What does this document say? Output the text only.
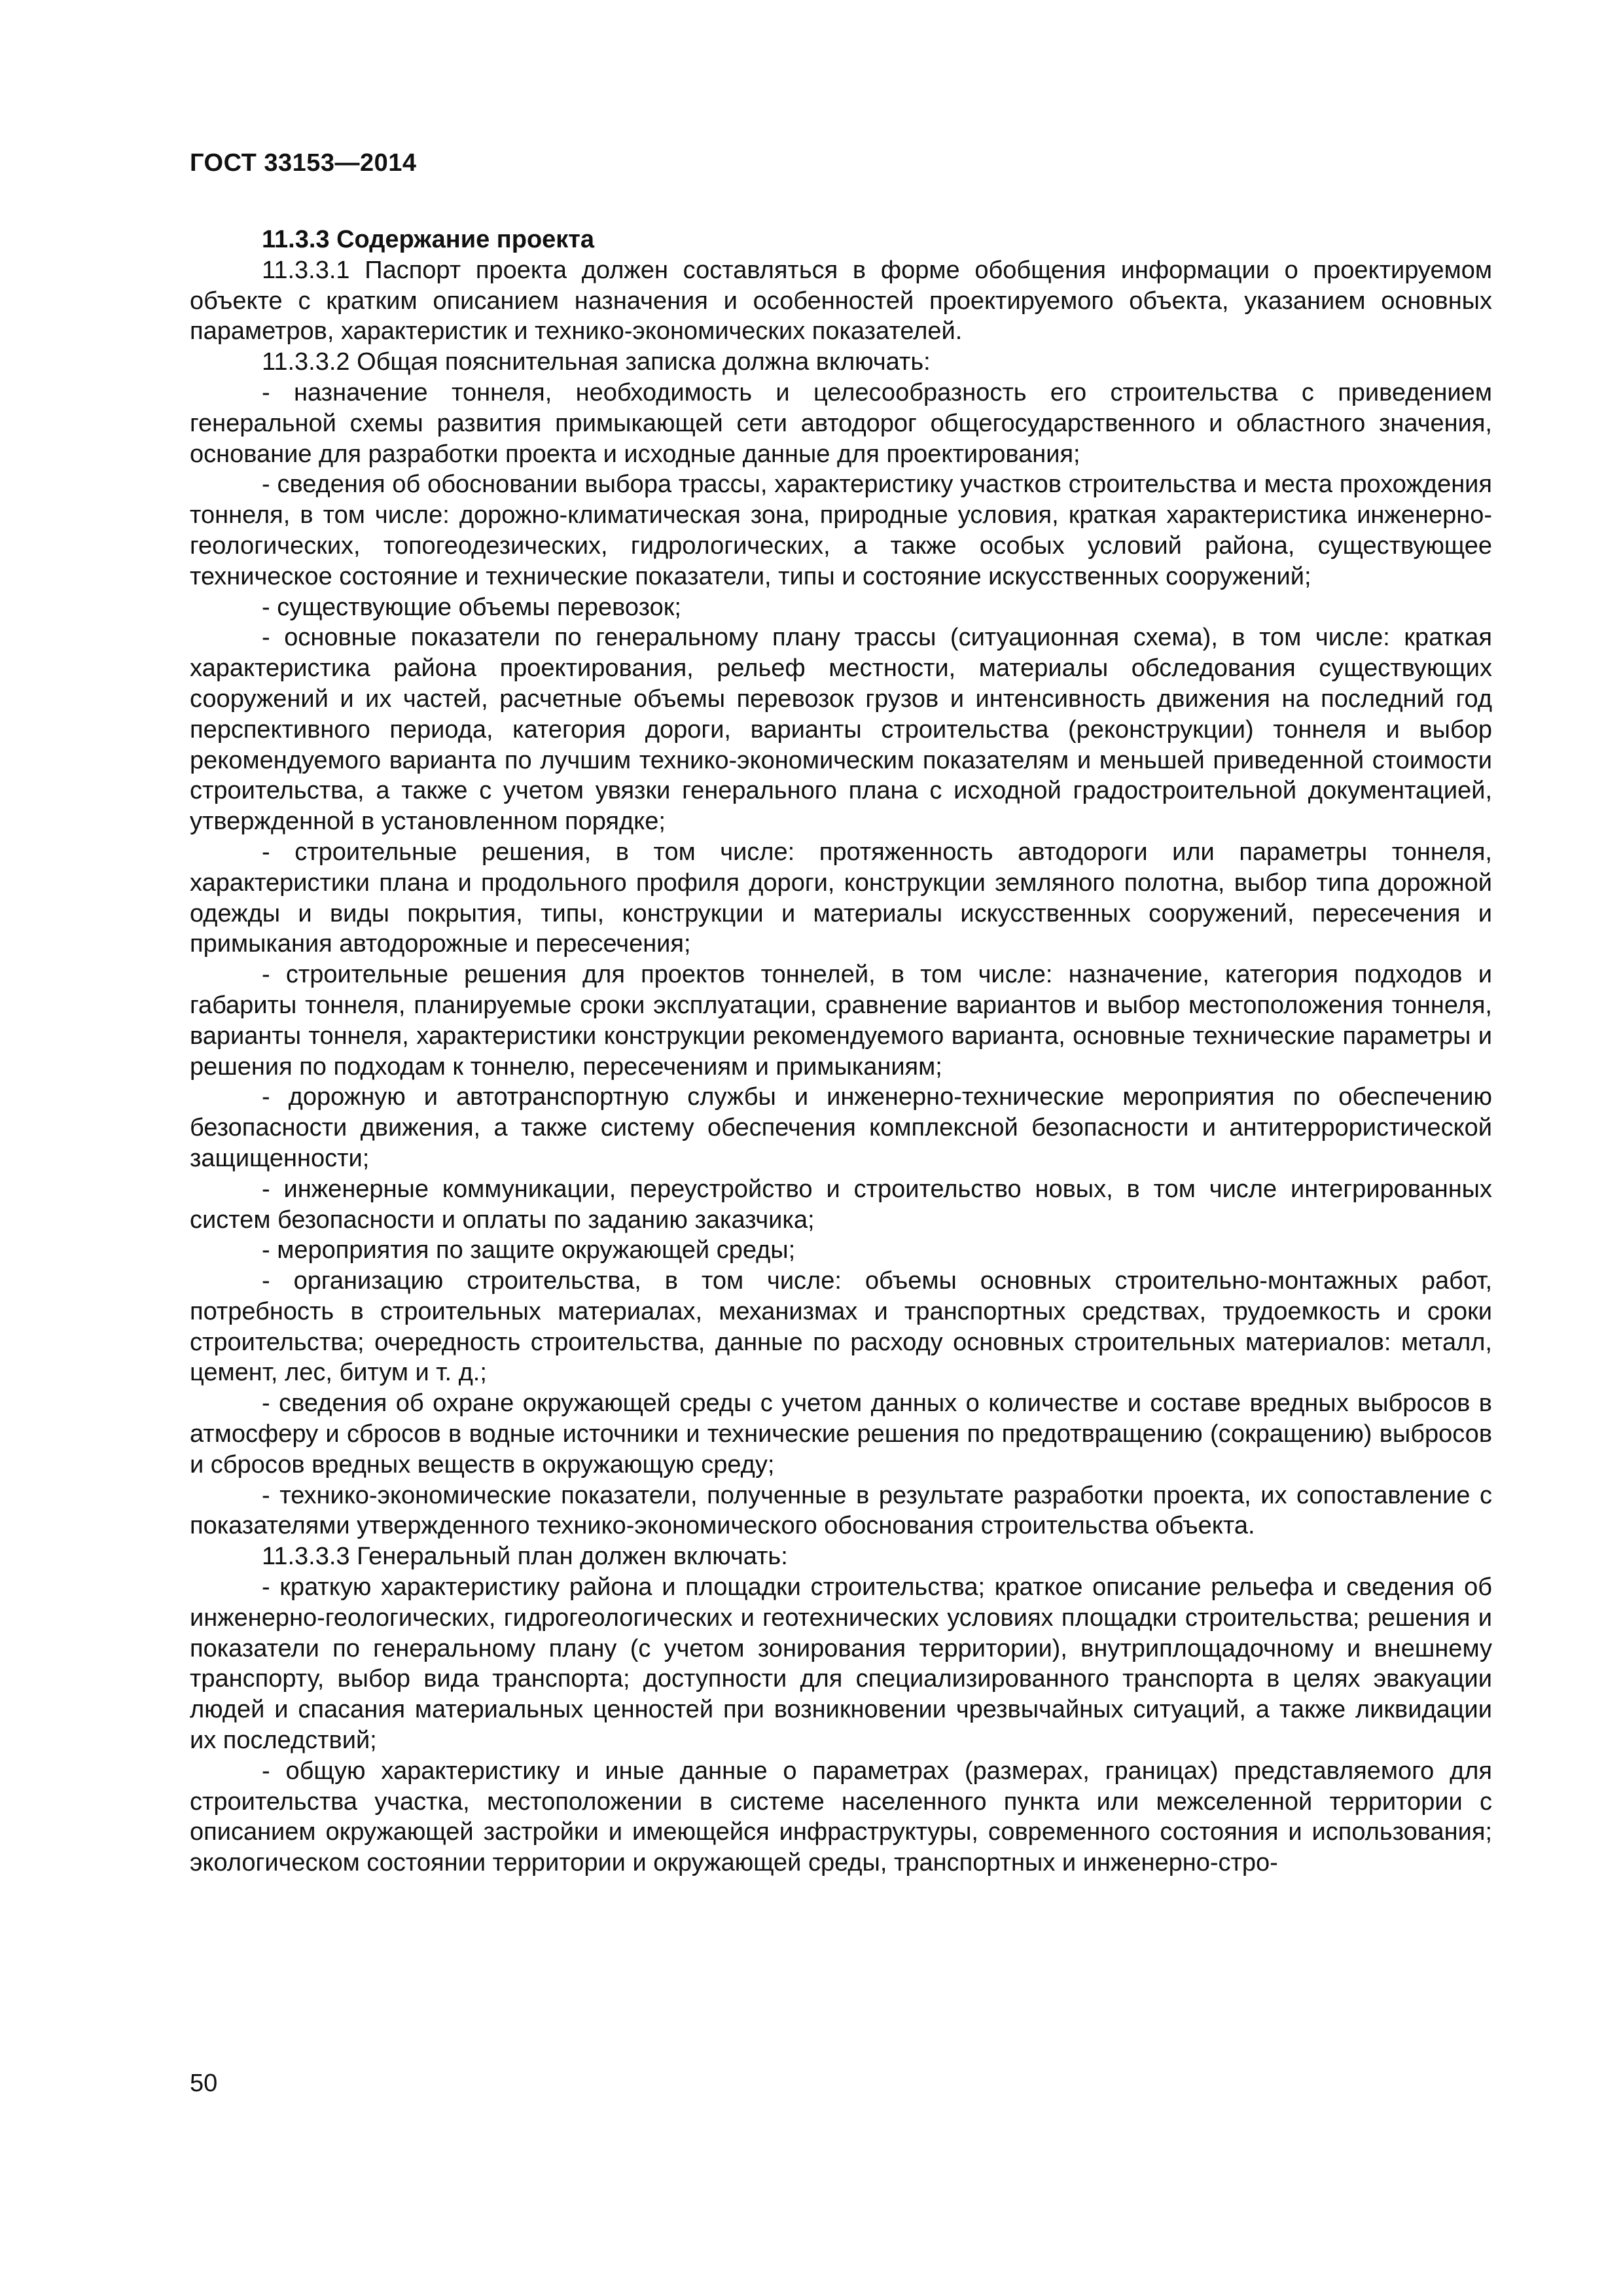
ГОСТ 33153—2014

11.3.3 Содержание проекта

11.3.3.1 Паспорт проекта должен составляться в форме обобщения информации о проектируемом объекте с кратким описанием назначения и особенностей проектируемого объекта, указанием основных параметров, характеристик и технико-экономических показателей.

11.3.3.2 Общая пояснительная записка должна включать:

- назначение тоннеля, необходимость и целесообразность его строительства с приведением генеральной схемы развития примыкающей сети автодорог общегосударственного и областного значения, основание для разработки проекта и исходные данные для проектирования;

- сведения об обосновании выбора трассы, характеристику участков строительства и места прохождения тоннеля, в том числе: дорожно-климатическая зона, природные условия, краткая характеристика инженерно-геологических, топогеодезических, гидрологических, а также особых условий района, существующее техническое состояние и технические показатели, типы и состояние искусственных сооружений;

- существующие объемы перевозок;

- основные показатели по генеральному плану трассы (ситуационная схема), в том числе: краткая характеристика района проектирования, рельеф местности, материалы обследования существующих сооружений и их частей, расчетные объемы перевозок грузов и интенсивность движения на последний год перспективного периода, категория дороги, варианты строительства (реконструкции) тоннеля и выбор рекомендуемого варианта по лучшим технико-экономическим показателям и меньшей приведенной стоимости строительства, а также с учетом увязки генерального плана с исходной градостроительной документацией, утвержденной в установленном порядке;

- строительные решения, в том числе: протяженность автодороги или параметры тоннеля, характеристики плана и продольного профиля дороги, конструкции земляного полотна, выбор типа дорожной одежды и виды покрытия, типы, конструкции и материалы искусственных сооружений, пересечения и примыкания автодорожные и пересечения;

- строительные решения для проектов тоннелей, в том числе: назначение, категория подходов и габариты тоннеля, планируемые сроки эксплуатации, сравнение вариантов и выбор местоположения тоннеля, варианты тоннеля, характеристики конструкции рекомендуемого варианта, основные технические параметры и решения по подходам к тоннелю, пересечениям и примыканиям;

- дорожную и автотранспортную службы и инженерно-технические мероприятия по обеспечению безопасности движения, а также систему обеспечения комплексной безопасности и антитеррористической защищенности;

- инженерные коммуникации, переустройство и строительство новых, в том числе интегрированных систем безопасности и оплаты по заданию заказчика;

- мероприятия по защите окружающей среды;

- организацию строительства, в том числе: объемы основных строительно-монтажных работ, потребность в строительных материалах, механизмах и транспортных средствах, трудоемкость и сроки строительства; очередность строительства, данные по расходу основных строительных материалов: металл, цемент, лес, битум и т. д.;

- сведения об охране окружающей среды с учетом данных о количестве и составе вредных выбросов в атмосферу и сбросов в водные источники и технические решения по предотвращению (сокращению) выбросов и сбросов вредных веществ в окружающую среду;

- технико-экономические показатели, полученные в результате разработки проекта, их сопоставление с показателями утвержденного технико-экономического обоснования строительства объекта.

11.3.3.3 Генеральный план должен включать:

- краткую характеристику района и площадки строительства; краткое описание рельефа и сведения об инженерно-геологических, гидрогеологических и геотехнических условиях площадки строительства; решения и показатели по генеральному плану (с учетом зонирования территории), внутриплощадочному и внешнему транспорту, выбор вида транспорта; доступности для специализированного транспорта в целях эвакуации людей и спасания материальных ценностей при возникновении чрезвычайных ситуаций, а также ликвидации их последствий;

- общую характеристику и иные данные о параметрах (размерах, границах) представляемого для строительства участка, местоположении в системе населенного пункта или межселенной территории с описанием окружающей застройки и имеющейся инфраструктуры, современного состояния и использования; экологическом состоянии территории и окружающей среды, транспортных и инженерно-стро-

50
